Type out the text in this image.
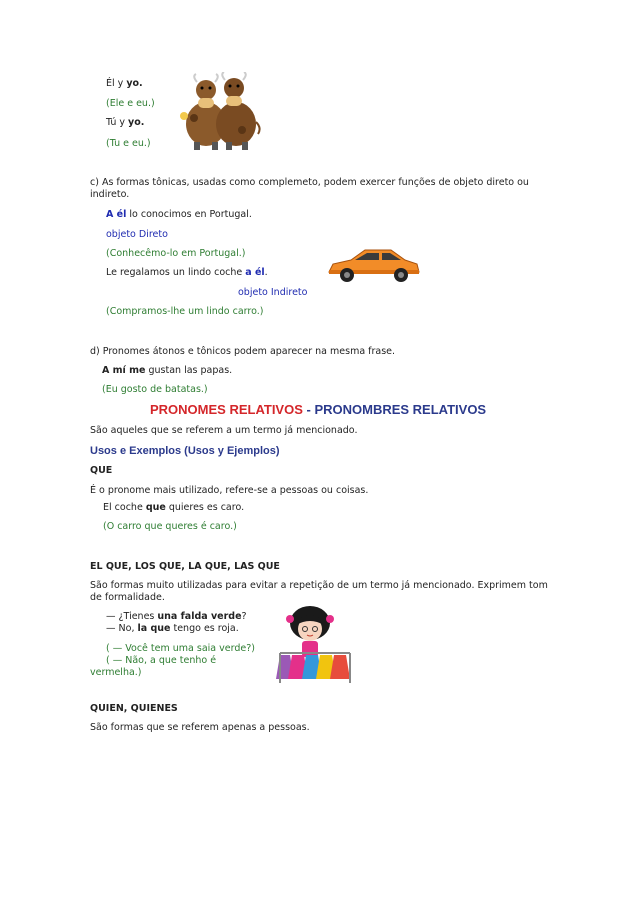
Él y yo.
(Ele e eu.)
Tú y yo.
(Tu e eu.)
c) As formas tônicas, usadas como complemeto, podem exercer funções de objeto direto ou
indireto.
A él lo conocimos en Portugal.
objeto Direto
(Conhecêmo-lo em Portugal.)
Le regalamos un lindo coche a él.
objeto Indireto
(Compramos-lhe um lindo carro.)
d) Pronomes átonos e tônicos podem aparecer na mesma frase.
A mí me gustan las papas.
(Eu gosto de batatas.)
PRONOMES RELATIVOS - PRONOMBRES RELATIVOS
São aqueles que se referem a um termo já mencionado.
Usos e Exemplos (Usos y Ejemplos)
QUE
É o pronome mais utilizado, refere-se a pessoas ou coisas.
El coche que quieres es caro.
(O carro que queres é caro.)
EL QUE, LOS QUE, LA QUE, LAS QUE
São formas muito utilizadas para evitar a repetição de um termo já mencionado. Exprimem tom
de formalidade.
— ¿Tienes una falda verde?
— No, la que tengo es roja.
( — Você tem uma saia verde?)
( — Não, a que tenho é
vermelha.)
QUIEN, QUIENES
São formas que se referem apenas a pessoas.
